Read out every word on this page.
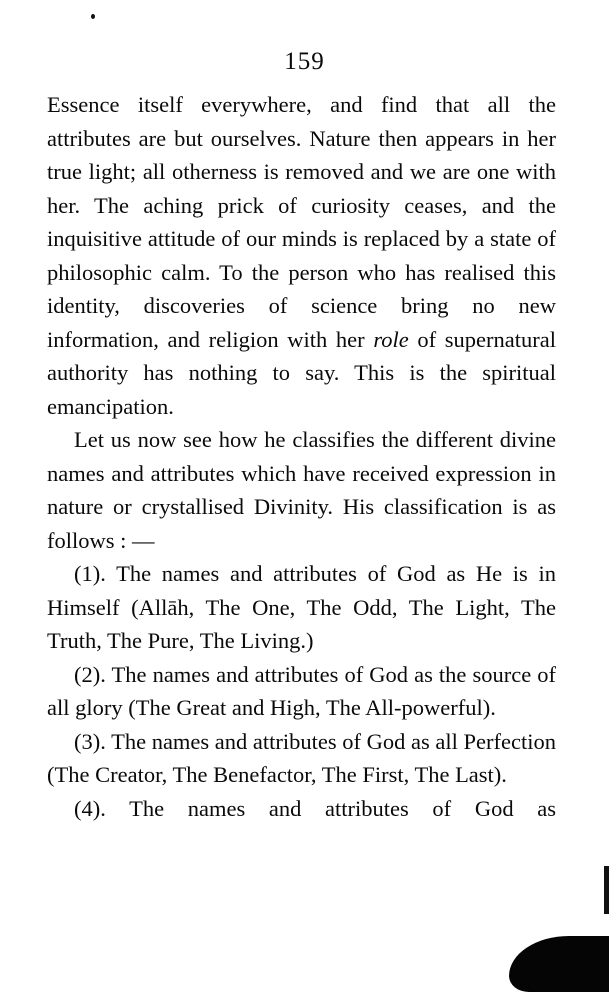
159

Essence itself everywhere, and find that all the attributes are but ourselves. Nature then appears in her true light; all otherness is removed and we are one with her. The aching prick of curiosity ceases, and the inquisitive attitude of our minds is replaced by a state of philosophic calm. To the person who has realised this identity, discoveries of science bring no new information, and religion with her role of supernatural authority has nothing to say. This is the spiritual emancipation.

Let us now see how he classifies the different divine names and attributes which have received expression in nature or crystallised Divinity. His classification is as follows : —

(1). The names and attributes of God as He is in Himself (Allāh, The One, The Odd, The Light, The Truth, The Pure, The Living.)

(2). The names and attributes of God as the source of all glory (The Great and High, The All-powerful).

(3). The names and attributes of God as all Perfection (The Creator, The Benefactor, The First, The Last).

(4). The names and attributes of God as
